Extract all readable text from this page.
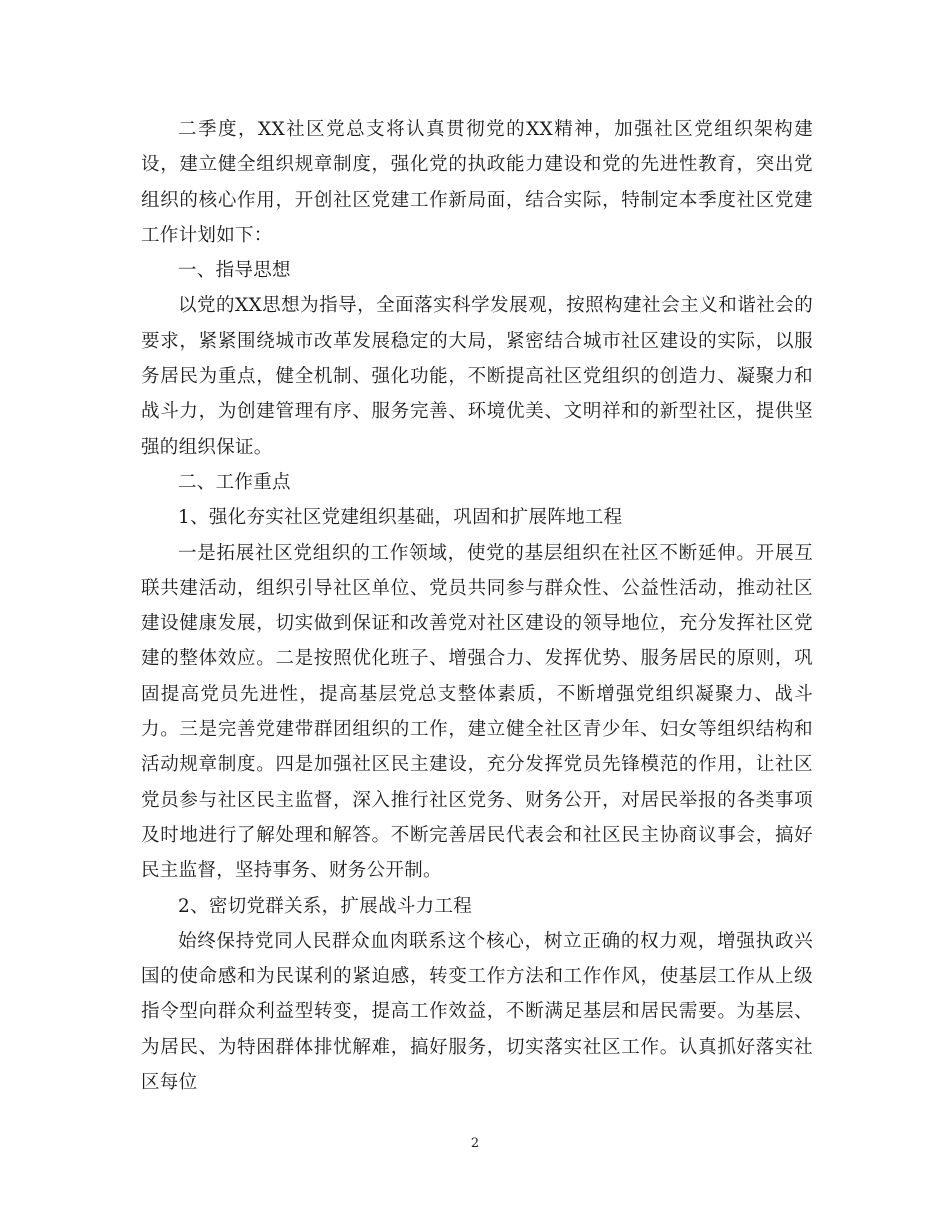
二季度，XX社区党总支将认真贯彻党的XX精神，加强社区党组织架构建设，建立健全组织规章制度，强化党的执政能力建设和党的先进性教育，突出党组织的核心作用，开创社区党建工作新局面，结合实际，特制定本季度社区党建工作计划如下：

一、指导思想

以党的XX思想为指导，全面落实科学发展观，按照构建社会主义和谐社会的要求，紧紧围绕城市改革发展稳定的大局，紧密结合城市社区建设的实际，以服务居民为重点，健全机制、强化功能，不断提高社区党组织的创造力、凝聚力和战斗力，为创建管理有序、服务完善、环境优美、文明祥和的新型社区，提供坚强的组织保证。

二、工作重点

1、强化夯实社区党建组织基础，巩固和扩展阵地工程

一是拓展社区党组织的工作领域，使党的基层组织在社区不断延伸。开展互联共建活动，组织引导社区单位、党员共同参与群众性、公益性活动，推动社区建设健康发展，切实做到保证和改善党对社区建设的领导地位，充分发挥社区党建的整体效应。二是按照优化班子、增强合力、发挥优势、服务居民的原则，巩固提高党员先进性，提高基层党总支整体素质，不断增强党组织凝聚力、战斗力。三是完善党建带群团组织的工作，建立健全社区青少年、妇女等组织结构和活动规章制度。四是加强社区民主建设，充分发挥党员先锋模范的作用，让社区党员参与社区民主监督，深入推行社区党务、财务公开，对居民举报的各类事项及时地进行了解处理和解答。不断完善居民代表会和社区民主协商议事会，搞好民主监督，坚持事务、财务公开制。

2、密切党群关系，扩展战斗力工程

始终保持党同人民群众血肉联系这个核心，树立正确的权力观，增强执政兴国的使命感和为民谋利的紧迫感，转变工作方法和工作作风，使基层工作从上级指令型向群众利益型转变，提高工作效益，不断满足基层和居民需要。为基层、为居民、为特困群体排忧解难，搞好服务，切实落实社区工作。认真抓好落实社区每位

2
